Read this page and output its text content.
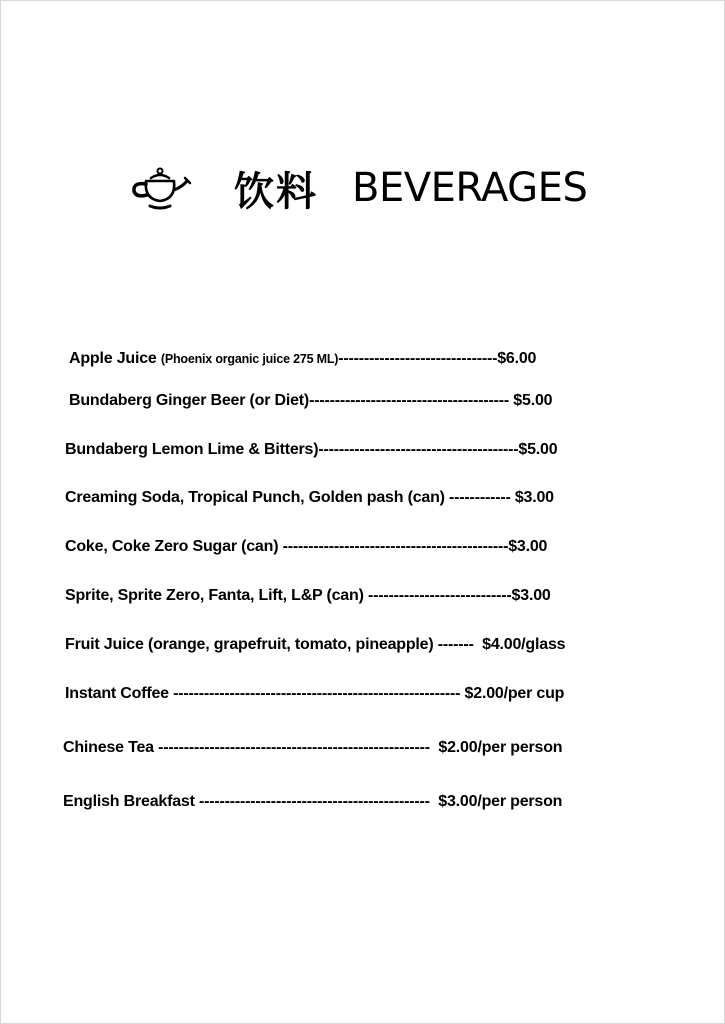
饮料 BEVERAGES
Apple Juice (Phoenix organic juice 275 ML)-------------------------------$6.00
Bundaberg Ginger Beer (or Diet)--------------------------------------- $5.00
Bundaberg Lemon Lime & Bitters)---------------------------------------$5.00
Creaming Soda, Tropical Punch, Golden pash (can) ------------ $3.00
Coke, Coke Zero Sugar (can) --------------------------------------------$3.00
Sprite, Sprite Zero, Fanta, Lift, L&P (can) ----------------------------$3.00
Fruit Juice (orange, grapefruit, tomato, pineapple) -------  $4.00/glass
Instant Coffee -------------------------------------------------------- $2.00/per cup
Chinese Tea -----------------------------------------------------  $2.00/per person
English Breakfast ---------------------------------------------  $3.00/per person
